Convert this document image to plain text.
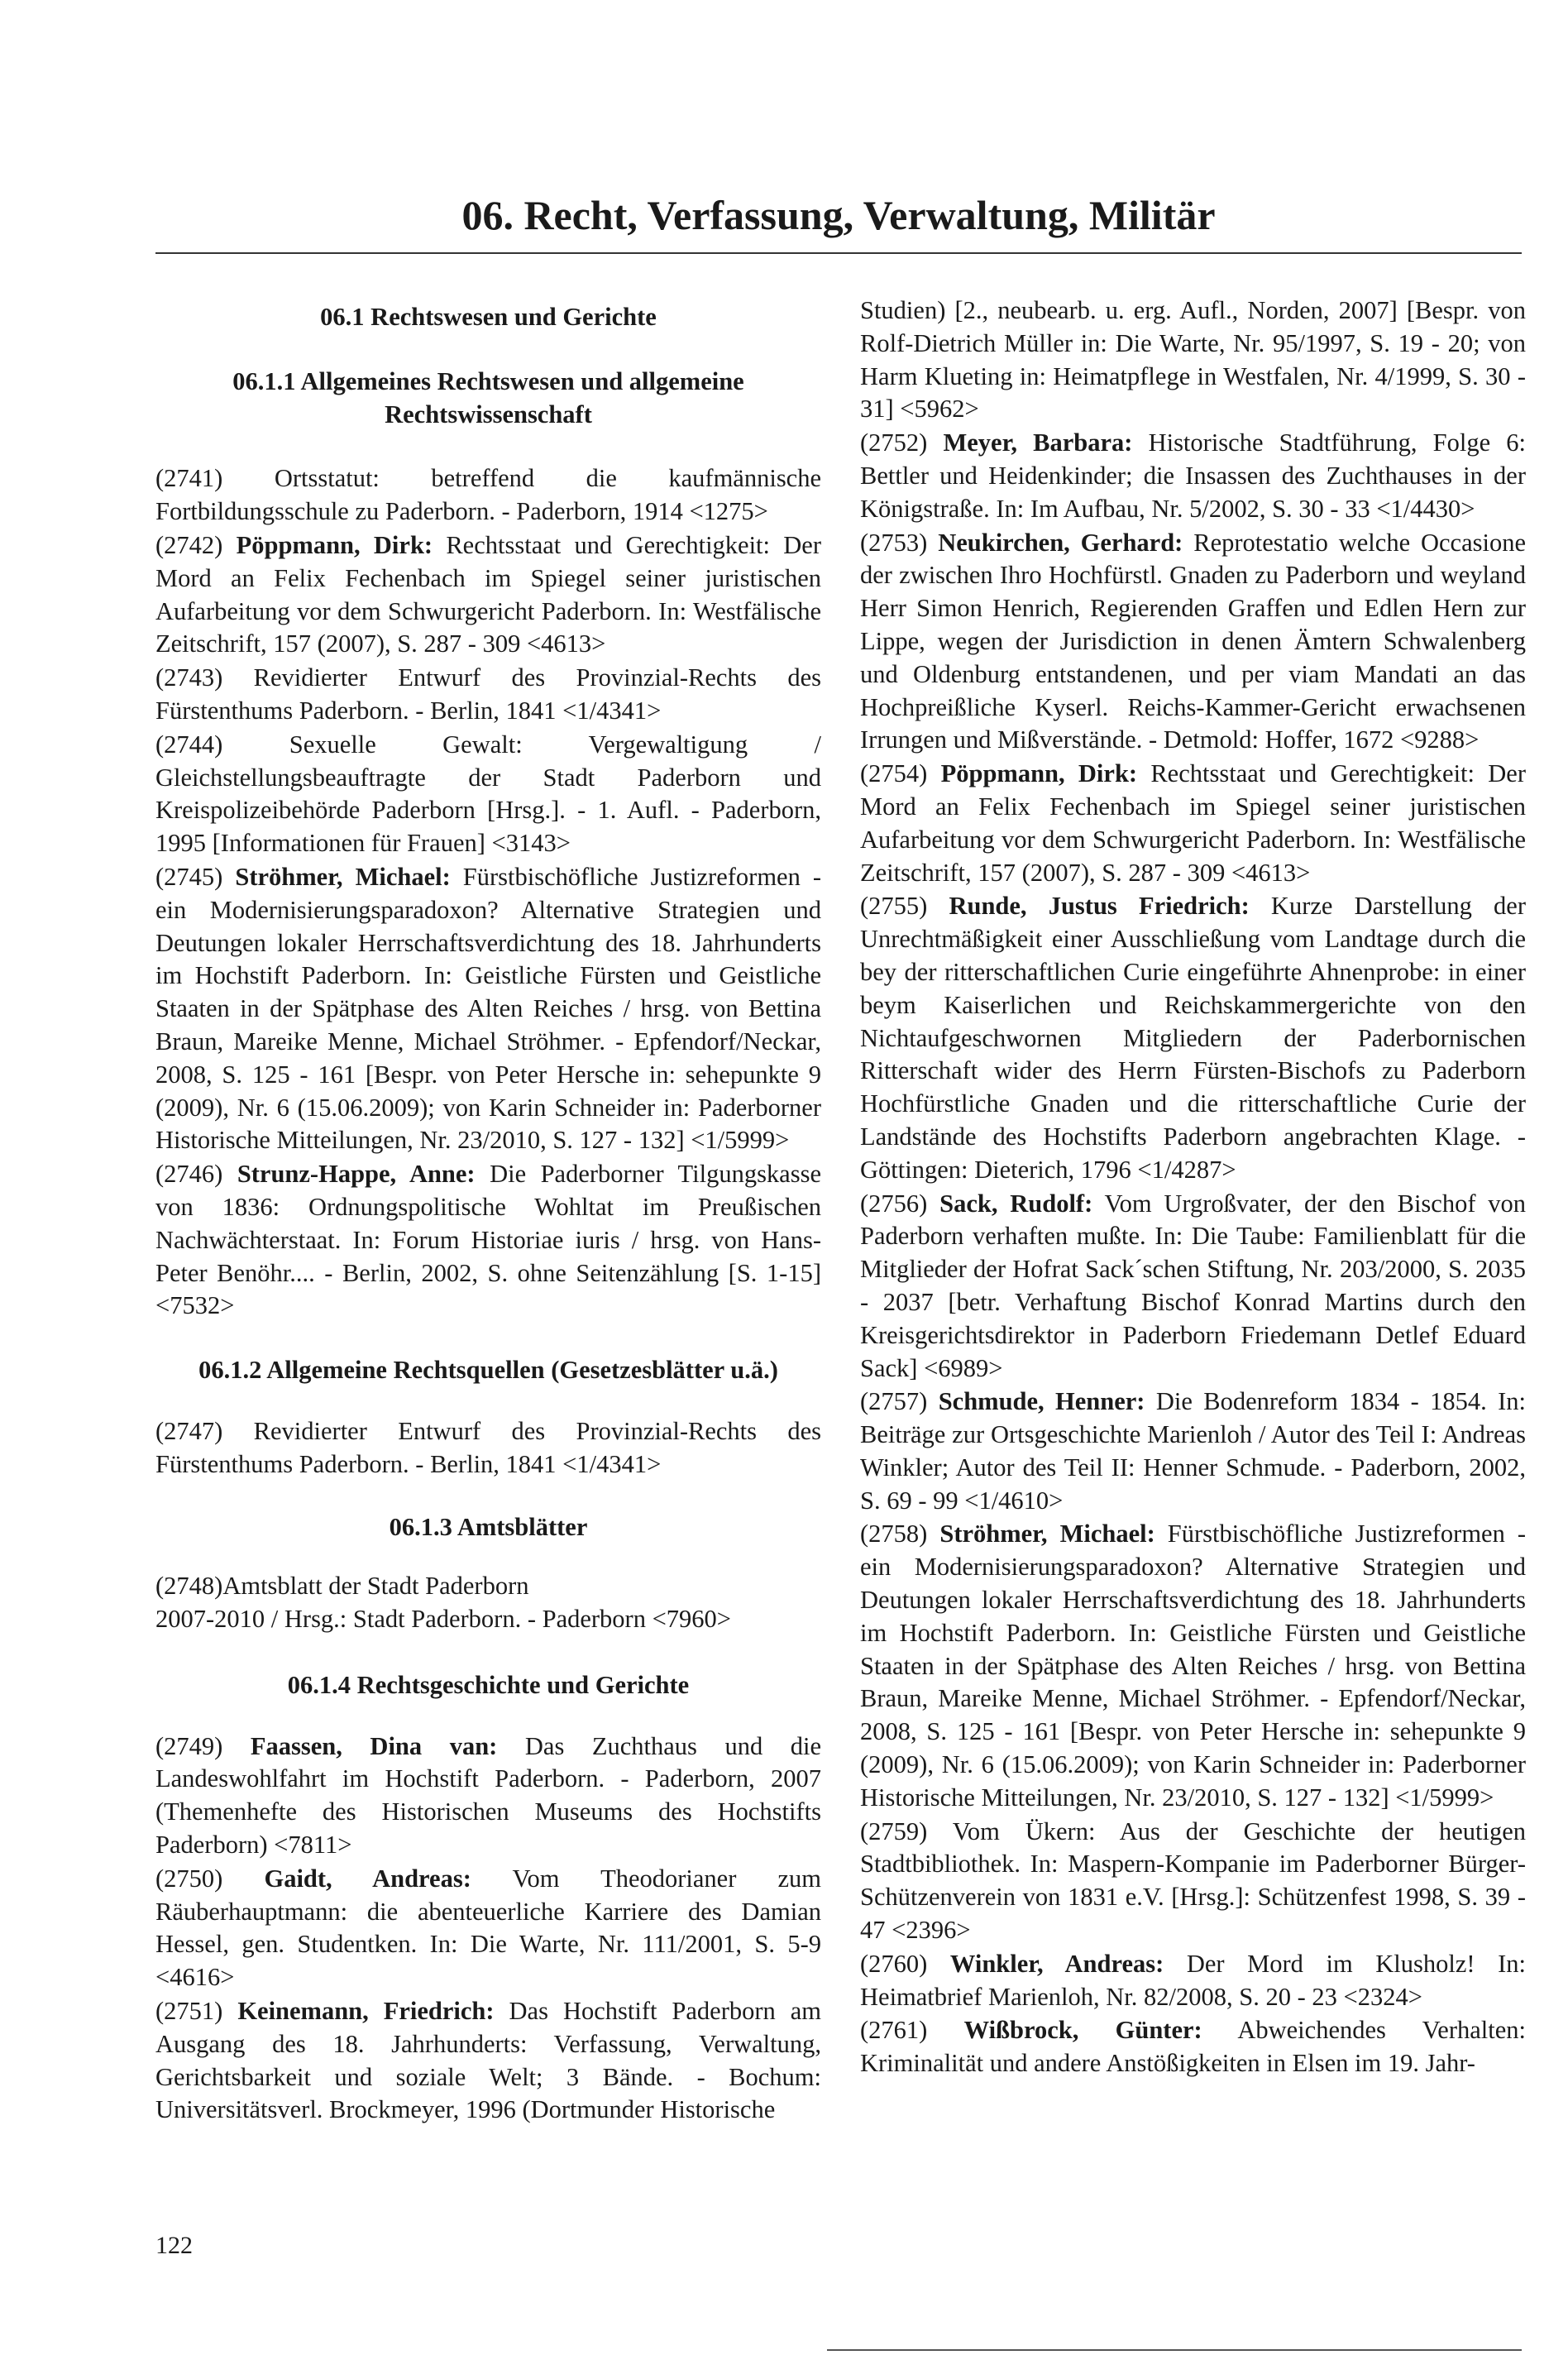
06. Recht, Verfassung, Verwaltung, Militär

06.1 Rechtswesen und Gerichte

06.1.1 Allgemeines Rechtswesen und allgemeine Rechtswissenschaft

(2741) Ortsstatut: betreffend die kaufmännische Fortbildungsschule zu Paderborn. - Paderborn, 1914 <1275>

(2742) Pöppmann, Dirk: Rechtsstaat und Gerechtigkeit: Der Mord an Felix Fechenbach im Spiegel seiner juristischen Aufarbeitung vor dem Schwurgericht Paderborn. In: Westfälische Zeitschrift, 157 (2007), S. 287 - 309 <4613>

(2743) Revidierter Entwurf des Provinzial-Rechts des Fürstenthums Paderborn. - Berlin, 1841 <1/4341>

(2744)	Sexuelle Gewalt: Vergewaltigung / Gleichstellungsbeauftragte der Stadt Paderborn und Kreispolizeibehörde Paderborn [Hrsg.]. - 1. Aufl. - Paderborn, 1995 [Informationen für Frauen] <3143>

(2745) Ströhmer, Michael: Fürstbischöfliche Justizreformen - ein Modernisierungsparadoxon? Alternative Strategien und Deutungen lokaler Herrschaftsverdichtung des 18. Jahrhunderts im Hochstift Paderborn. In: Geistliche Fürsten und Geistliche Staaten in der Spätphase des Alten Reiches / hrsg. von Bettina Braun, Mareike Menne, Michael Ströhmer. - Epfendorf/Neckar, 2008, S. 125 - 161 [Bespr. von Peter Hersche in: sehepunkte 9 (2009), Nr. 6 (15.06.2009); von Karin Schneider in: Paderborner Historische Mitteilungen, Nr. 23/2010, S. 127 - 132] <1/5999>

(2746) Strunz-Happe, Anne: Die Paderborner Tilgungskasse von 1836: Ordnungspolitische Wohltat im Preußischen Nachwächterstaat. In: Forum Historiae iuris / hrsg. von Hans-Peter Benöhr.... - Berlin, 2002, S. ohne Seitenzählung [S. 1-15] <7532>

06.1.2 Allgemeine Rechtsquellen (Gesetzesblätter u.ä.)

(2747) Revidierter Entwurf des Provinzial-Rechts des Fürstenthums Paderborn. - Berlin, 1841 <1/4341>

06.1.3 Amtsblätter

(2748)Amtsblatt der Stadt Paderborn
2007-2010 / Hrsg.: Stadt Paderborn. - Paderborn <7960>

06.1.4 Rechtsgeschichte und Gerichte

(2749) Faassen, Dina van: Das Zuchthaus und die Landeswohlfahrt im Hochstift Paderborn. - Paderborn, 2007 (Themenhefte des Historischen Museums des Hochstifts Paderborn) <7811>

(2750) Gaidt, Andreas: Vom Theodorianer zum Räuberhauptmann: die abenteuerliche Karriere des Damian Hessel, gen. Studentken. In: Die Warte, Nr. 111/2001, S. 5-9 <4616>

(2751) Keinemann, Friedrich: Das Hochstift Paderborn am Ausgang des 18. Jahrhunderts: Verfassung, Verwaltung, Gerichtsbarkeit und soziale Welt; 3 Bände. - Bochum: Universitätsverl. Brockmeyer, 1996 (Dortmunder Historische

Studien) [2., neubearb. u. erg. Aufl., Norden, 2007] [Bespr. von Rolf-Dietrich Müller in: Die Warte, Nr. 95/1997, S. 19 - 20; von Harm Klueting in: Heimatpflege in Westfalen, Nr. 4/1999, S. 30 - 31] <5962>

(2752) Meyer, Barbara: Historische Stadtführung, Folge 6: Bettler und Heidenkinder; die Insassen des Zuchthauses in der Königstraße. In: Im Aufbau, Nr. 5/2002, S. 30 - 33 <1/4430>

(2753) Neukirchen, Gerhard: Reprotestatio welche Occasione der zwischen Ihro Hochfürstl. Gnaden zu Paderborn und weyland Herr Simon Henrich, Regierenden Graffen und Edlen Hern zur Lippe, wegen der Jurisdiction in denen Ämtern Schwalenberg und Oldenburg entstandenen, und per viam Mandati an das Hochpreißliche Kyserl. Reichs-Kammer-Gericht erwachsenen Irrungen und Mißverstände. - Detmold: Hoffer, 1672 <9288>

(2754) Pöppmann, Dirk: Rechtsstaat und Gerechtigkeit: Der Mord an Felix Fechenbach im Spiegel seiner juristischen Aufarbeitung vor dem Schwurgericht Paderborn. In: Westfälische Zeitschrift, 157 (2007), S. 287 - 309 <4613>

(2755) Runde, Justus Friedrich: Kurze Darstellung der Unrechtmäßigkeit einer Ausschließung vom Landtage durch die bey der ritterschaftlichen Curie eingeführte Ahnenprobe: in einer beym Kaiserlichen und Reichskammergerichte von den Nichtaufgeschwornen Mitgliedern der Paderbornischen Ritterschaft wider des Herrn Fürsten-Bischofs zu Paderborn Hochfürstliche Gnaden und die ritterschaftliche Curie der Landstände des Hochstifts Paderborn angebrachten Klage. - Göttingen: Dieterich, 1796 <1/4287>

(2756) Sack, Rudolf: Vom Urgroßvater, der den Bischof von Paderborn verhaften mußte. In: Die Taube: Familienblatt für die Mitglieder der Hofrat Sack´schen Stiftung, Nr. 203/2000, S. 2035 - 2037 [betr. Verhaftung Bischof Konrad Martins durch den Kreisgerichtsdirektor in Paderborn Friedemann Detlef Eduard Sack] <6989>

(2757) Schmude, Henner: Die Bodenreform 1834 - 1854. In: Beiträge zur Ortsgeschichte Marienloh / Autor des Teil I: Andreas Winkler; Autor des Teil II: Henner Schmude. - Paderborn, 2002, S. 69 - 99 <1/4610>

(2758) Ströhmer, Michael: Fürstbischöfliche Justizreformen - ein Modernisierungsparadoxon? Alternative Strategien und Deutungen lokaler Herrschaftsverdichtung des 18. Jahrhunderts im Hochstift Paderborn. In: Geistliche Fürsten und Geistliche Staaten in der Spätphase des Alten Reiches / hrsg. von Bettina Braun, Mareike Menne, Michael Ströhmer. - Epfendorf/Neckar, 2008, S. 125 - 161 [Bespr. von Peter Hersche in: sehepunkte 9 (2009), Nr. 6 (15.06.2009); von Karin Schneider in: Paderborner Historische Mitteilungen, Nr. 23/2010, S. 127 - 132] <1/5999>

(2759) Vom Ükern: Aus der Geschichte der heutigen Stadtbibliothek. In: Maspern-Kompanie im Paderborner Bürger-Schützenverein von 1831 e.V. [Hrsg.]: Schützenfest 1998, S. 39 - 47 <2396>

(2760) Winkler, Andreas: Der Mord im Klusholz! In: Heimatbrief Marienloh, Nr. 82/2008, S. 20 - 23 <2324>

(2761) Wißbrock, Günter: Abweichendes Verhalten: Kriminalität und andere Anstößigkeiten in Elsen im 19. Jahr-

122
